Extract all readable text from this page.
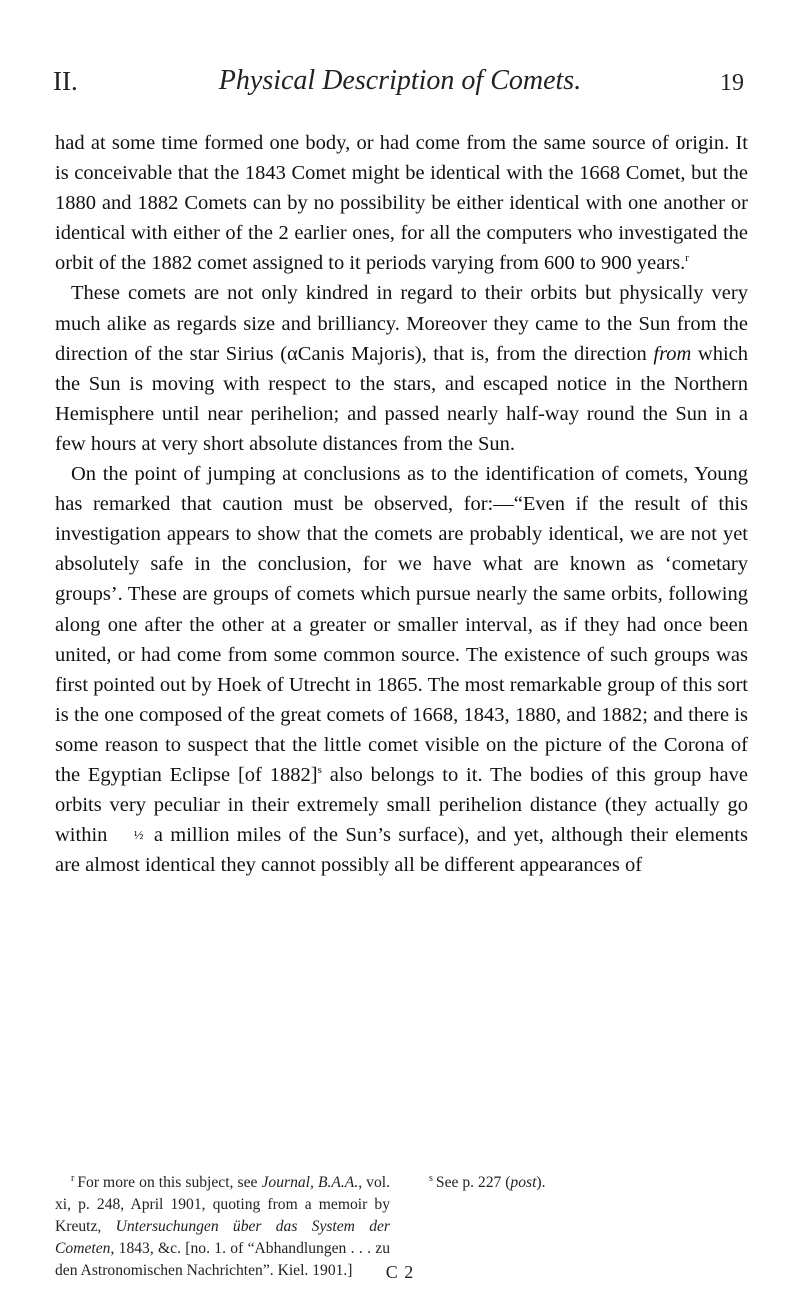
II.	Physical Description of Comets.	19

had at some time formed one body, or had come from the same source of origin. It is conceivable that the 1843 Comet might be identical with the 1668 Comet, but the 1880 and 1882 Comets can by no possibility be either identical with one another or identical with either of the 2 earlier ones, for all the computers who investigated the orbit of the 1882 comet assigned to it periods varying from 600 to 900 years.$^r$

These comets are not only kindred in regard to their orbits but physically very much alike as regards size and brilliancy. Moreover they came to the Sun from the direction of the star Sirius (αCanis Majoris), that is, from the direction from which the Sun is moving with respect to the stars, and escaped notice in the Northern Hemisphere until near perihelion; and passed nearly half-way round the Sun in a few hours at very short absolute distances from the Sun.

On the point of jumping at conclusions as to the identification of comets, Young has remarked that caution must be observed, for:—“Even if the result of this investigation appears to show that the comets are probably identical, we are not yet absolutely safe in the conclusion, for we have what are known as ‘cometary groups’. These are groups of comets which pursue nearly the same orbits, following along one after the other at a greater or smaller interval, as if they had once been united, or had come from some common source. The existence of such groups was first pointed out by Hoek of Utrecht in 1865. The most remarkable group of this sort is the one composed of the great comets of 1668, 1843, 1880, and 1882; and there is some reason to suspect that the little comet visible on the picture of the Corona of the Egyptian Eclipse [of 1882]$^s$ also belongs to it. The bodies of this group have orbits very peculiar in their extremely small perihelion distance (they actually go within ½ a million miles of the Sun’s surface), and yet, although their elements are almost identical they cannot possibly all be different appearances of

$^r$ For more on this subject, see Journal, B.A.A., vol. xi, p. 248, April 1901, quoting from a memoir by Kreutz, Untersuchungen über das System der Cometen, 1843, &c. [no. 1. of “Abhandlungen . . . zu den Astronomischen Nachrichten”. Kiel. 1901.]

$^s$ See p. 227 (post).

C 2
